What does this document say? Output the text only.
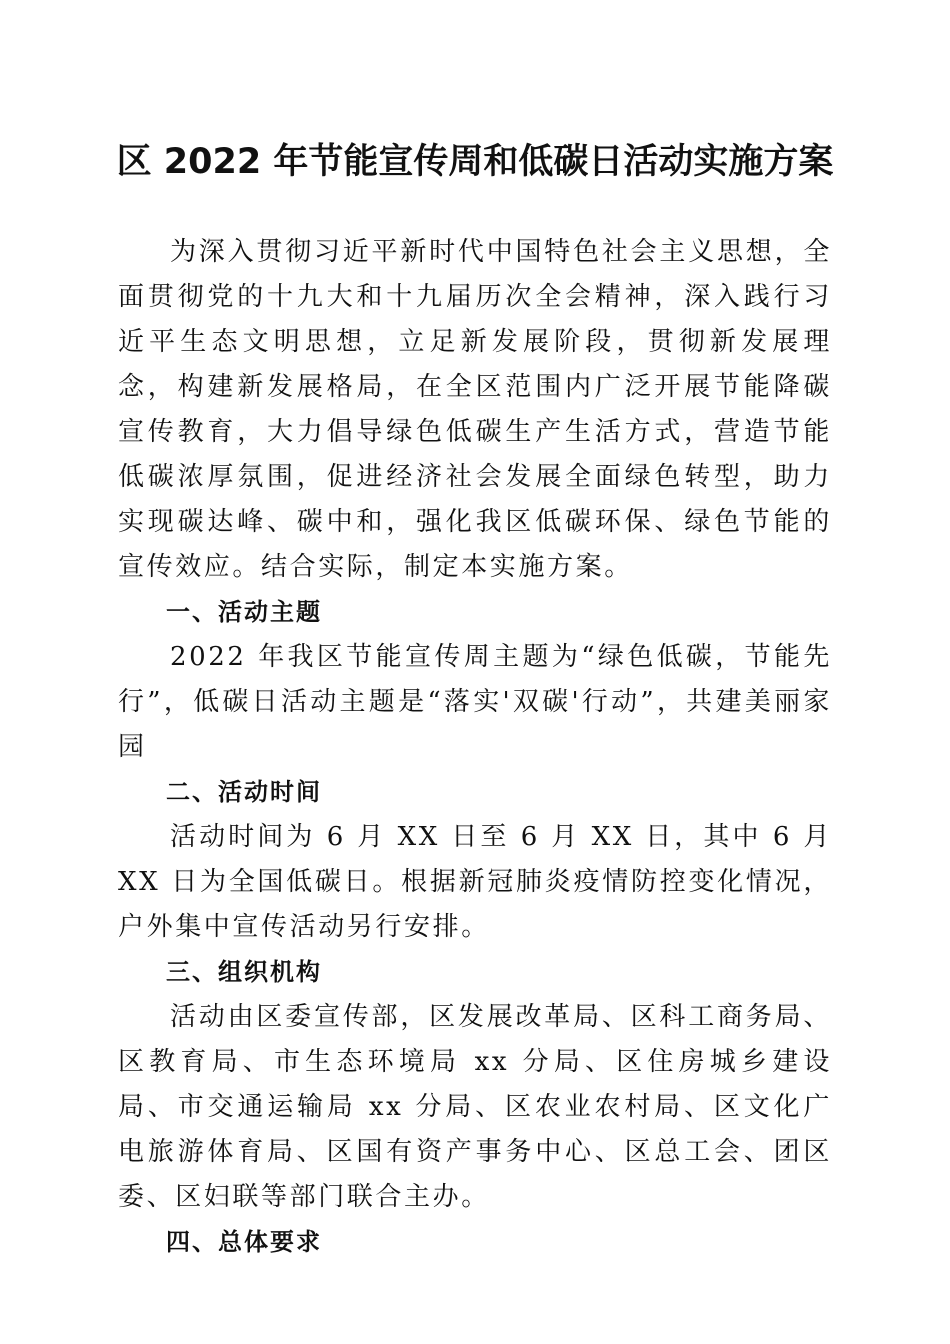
区 2022 年节能宣传周和低碳日活动实施方案

为深入贯彻习近平新时代中国特色社会主义思想，全面贯彻党的十九大和十九届历次全会精神，深入践行习近平生态文明思想，立足新发展阶段，贯彻新发展理念，构建新发展格局，在全区范围内广泛开展节能降碳宣传教育，大力倡导绿色低碳生产生活方式，营造节能低碳浓厚氛围，促进经济社会发展全面绿色转型，助力实现碳达峰、碳中和，强化我区低碳环保、绿色节能的宣传效应。结合实际，制定本实施方案。

一、活动主题

2022 年我区节能宣传周主题为“绿色低碳，节能先行”，低碳日活动主题是“落实'双碳'行动”，共建美丽家园

二、活动时间

活动时间为 6 月 XX 日至 6 月 XX 日，其中 6 月 XX 日为全国低碳日。根据新冠肺炎疫情防控变化情况，户外集中宣传活动另行安排。

三、组织机构

活动由区委宣传部，区发展改革局、区科工商务局、区教育局、市生态环境局 xx 分局、区住房城乡建设局、市交通运输局 xx 分局、区农业农村局、区文化广电旅游体育局、区国有资产事务中心、区总工会、团区委、区妇联等部门联合主办。

四、总体要求
